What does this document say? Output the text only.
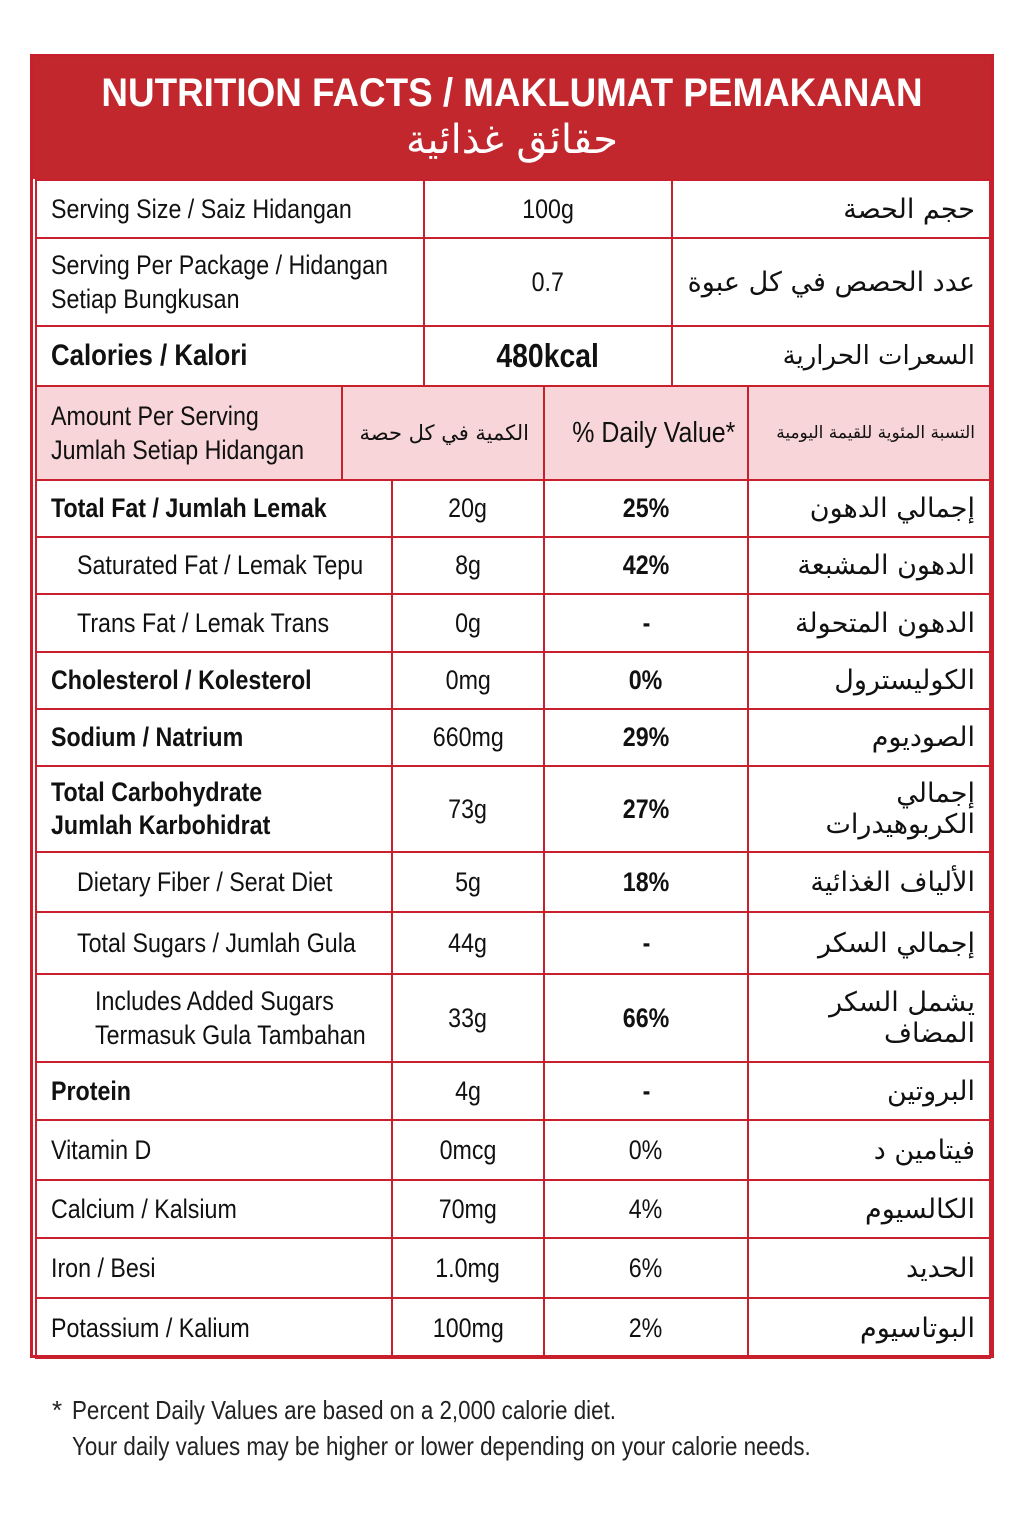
NUTRITION FACTS / MAKLUMAT PEMAKANAN
حقائق غذائية
Serving Size / Saiz Hidangan	100g	حجم الحصة
Serving Per Package / Hidangan
Setiap Bungkusan	0.7	عدد الحصص في كل عبوة
Calories / Kalori	480kcal	السعرات الحرارية
Amount Per Serving
Jumlah Setiap Hidangan	الكمية في كل حصة	% Daily Value*	التسبة المئوية للقيمة اليومية
Total Fat / Jumlah Lemak	20g	25%	إجمالي الدهون
Saturated Fat / Lemak Tepu	8g	42%	الدهون المشبعة
Trans Fat / Lemak Trans	0g	-	الدهون المتحولة
Cholesterol / Kolesterol	0mg	0%	الكوليسترول
Sodium / Natrium	660mg	29%	الصوديوم
Total Carbohydrate
Jumlah Karbohidrat	73g	27%	إجمالي الكربوهيدرات
Dietary Fiber / Serat Diet	5g	18%	الألياف الغذائية
Total Sugars / Jumlah Gula	44g	-	إجمالي السكر
Includes Added Sugars
Termasuk Gula Tambahan	33g	66%	يشمل السكر المضاف
Protein	4g	-	البروتين
Vitamin D	0mcg	0%	فيتامين د
Calcium / Kalsium	70mg	4%	الكالسيوم
Iron / Besi	1.0mg	6%	الحديد
Potassium / Kalium	100mg	2%	البوتاسيوم
* Percent Daily Values are based on a 2,000 calorie diet.
Your daily values may be higher or lower depending on your calorie needs.
